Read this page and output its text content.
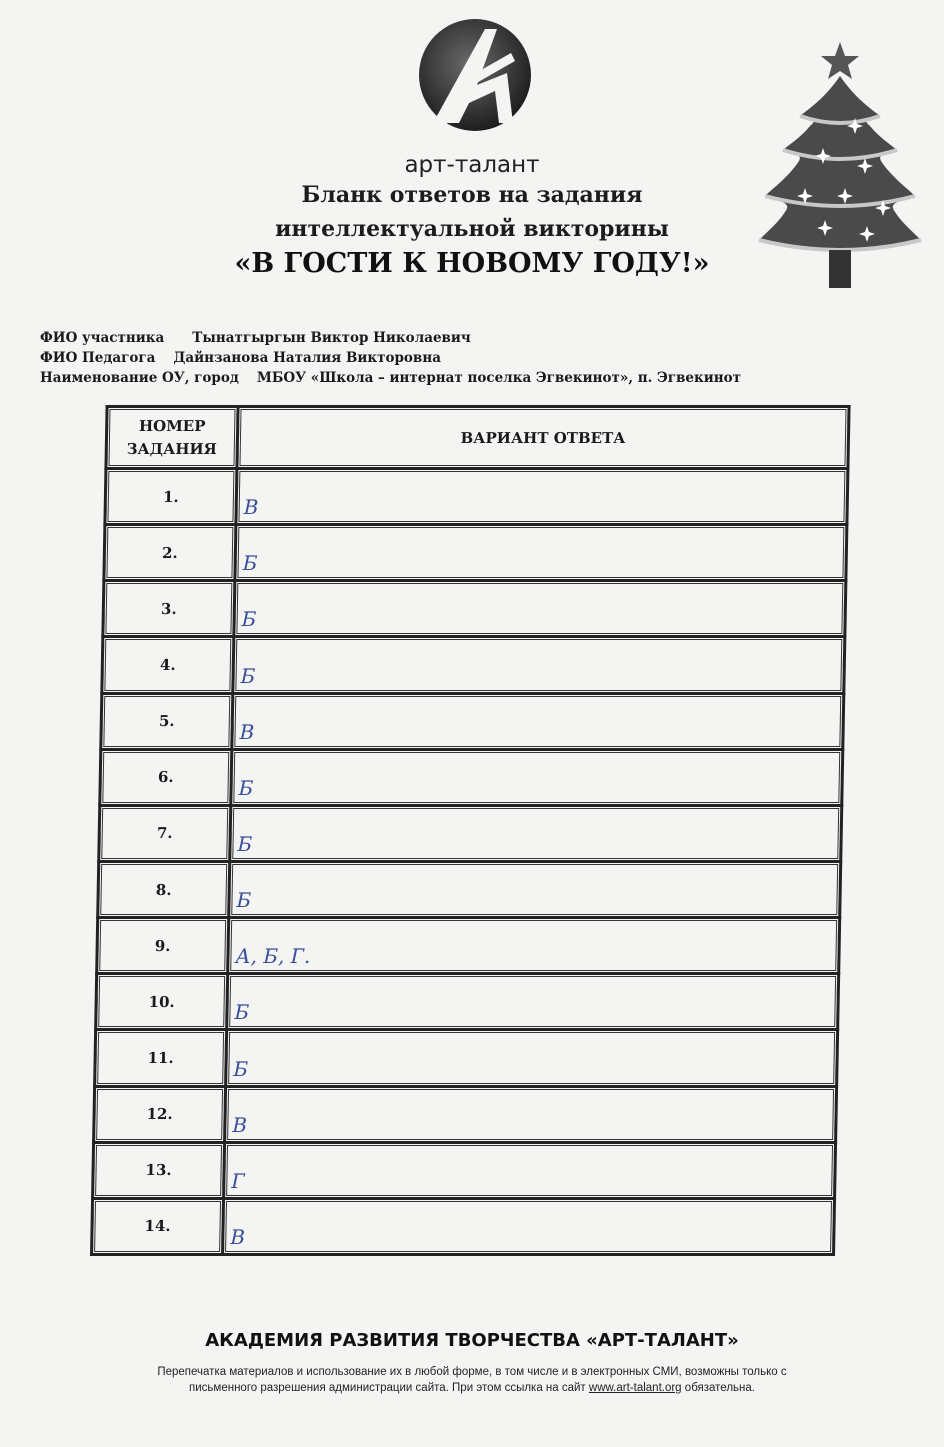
арт-талант
Бланк ответов на задания
интеллектуальной викторины
«В ГОСТИ К НОВОМУ ГОДУ!»
ФИО участника Тынатгыргын Виктор Николаевич
ФИО Педагога Дайнзанова Наталия Викторовна
Наименование ОУ, город МБОУ «Школа – интернат поселка Эгвекинот», п. Эгвекинот
НОМЕР
ЗАДАНИЯ	ВАРИАНТ ОТВЕТА
1.	В
2.	Б
3.	Б
4.	Б
5.	В
6.	Б
7.	Б
8.	Б
9.	А, Б, Г.
10.	Б
11.	Б
12.	В
13.	Г
14.	В
АКАДЕМИЯ РАЗВИТИЯ ТВОРЧЕСТВА «АРТ-ТАЛАНТ»
Перепечатка материалов и использование их в любой форме, в том числе и в электронных СМИ, возможны только с
письменного разрешения администрации сайта. При этом ссылка на сайт www.art-talant.org обязательна.
